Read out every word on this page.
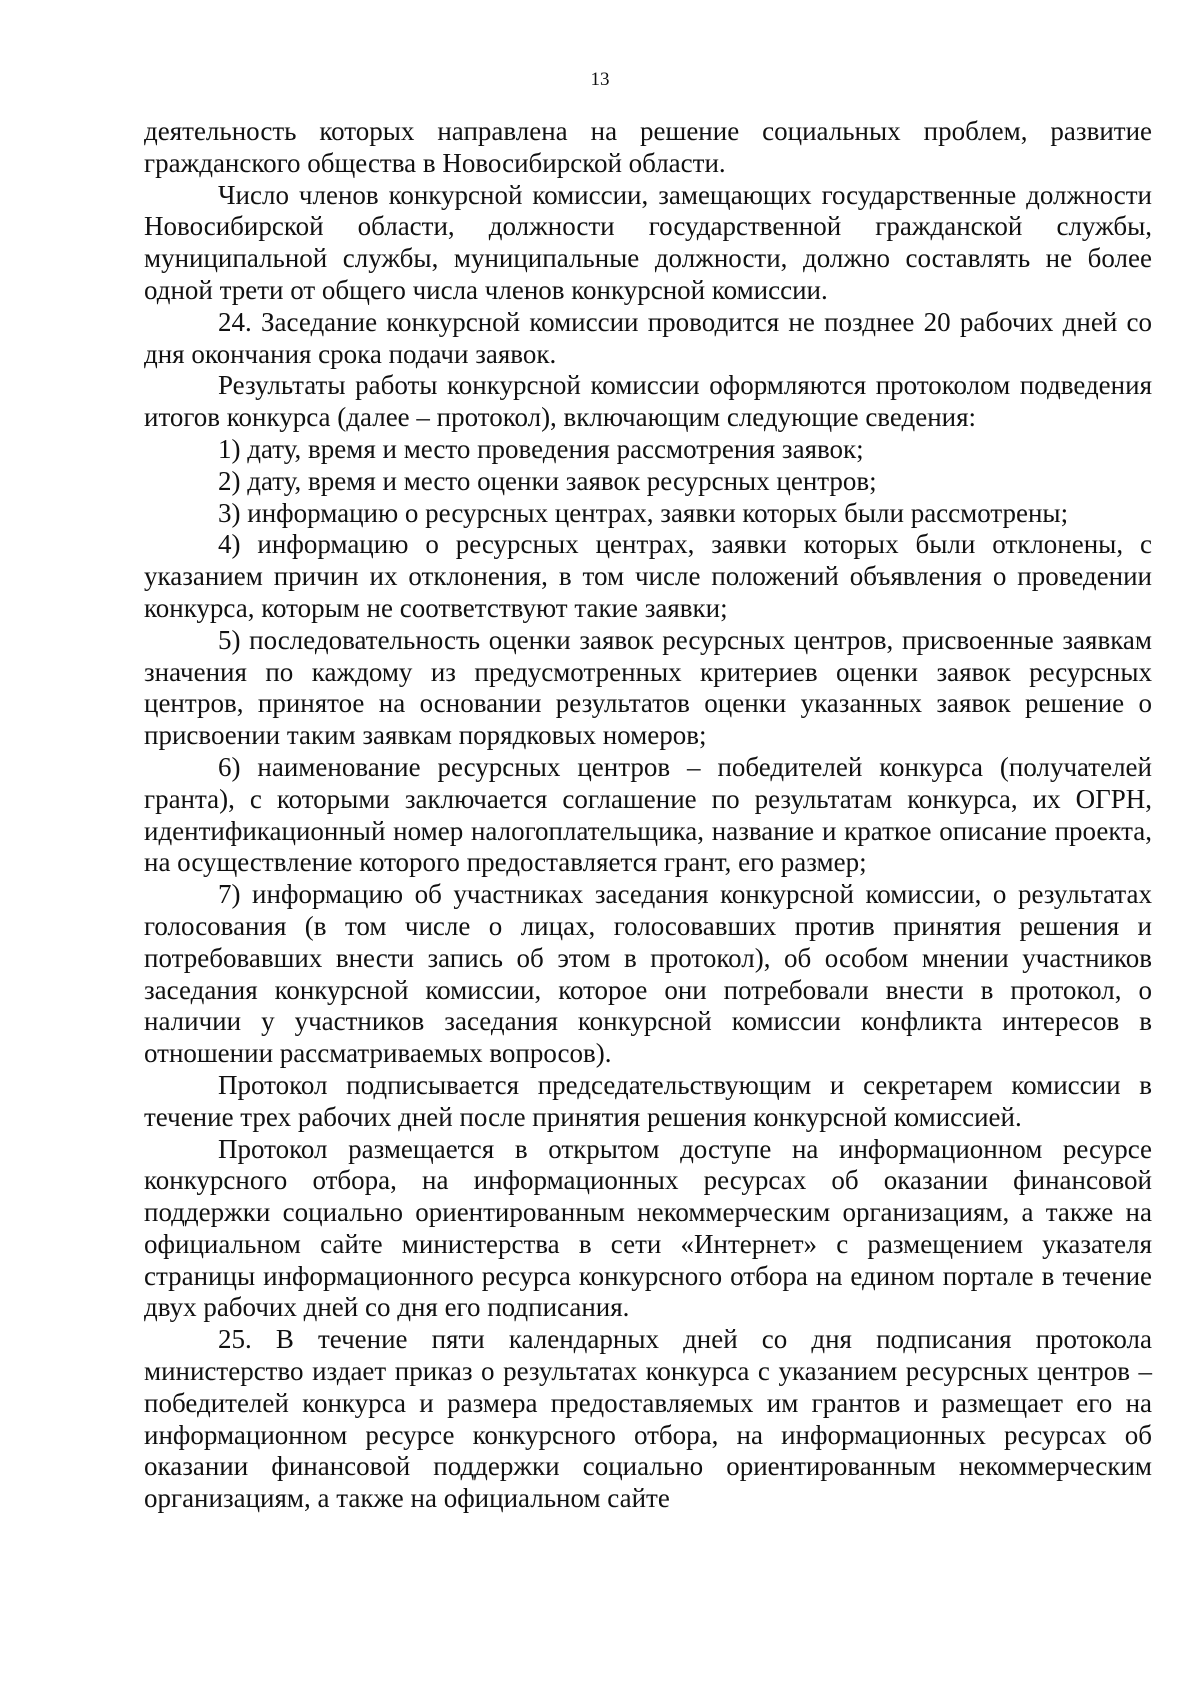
13

деятельность которых направлена на решение социальных проблем, развитие гражданского общества в Новосибирской области.

Число членов конкурсной комиссии, замещающих государственные должности Новосибирской области, должности государственной гражданской службы, муниципальной службы, муниципальные должности, должно составлять не более одной трети от общего числа членов конкурсной комиссии.

24. Заседание конкурсной комиссии проводится не позднее 20 рабочих дней со дня окончания срока подачи заявок.

Результаты работы конкурсной комиссии оформляются протоколом подведения итогов конкурса (далее – протокол), включающим следующие сведения:

1) дату, время и место проведения рассмотрения заявок;

2) дату, время и место оценки заявок ресурсных центров;

3) информацию о ресурсных центрах, заявки которых были рассмотрены;

4) информацию о ресурсных центрах, заявки которых были отклонены, с указанием причин их отклонения, в том числе положений объявления о проведении конкурса, которым не соответствуют такие заявки;

5) последовательность оценки заявок ресурсных центров, присвоенные заявкам значения по каждому из предусмотренных критериев оценки заявок ресурсных центров, принятое на основании результатов оценки указанных заявок решение о присвоении таким заявкам порядковых номеров;

6) наименование ресурсных центров – победителей конкурса (получателей гранта), с которыми заключается соглашение по результатам конкурса, их ОГРН, идентификационный номер налогоплательщика, название и краткое описание проекта, на осуществление которого предоставляется грант, его размер;

7) информацию об участниках заседания конкурсной комиссии, о результатах голосования (в том числе о лицах, голосовавших против принятия решения и потребовавших внести запись об этом в протокол), об особом мнении участников заседания конкурсной комиссии, которое они потребовали внести в протокол, о наличии у участников заседания конкурсной комиссии конфликта интересов в отношении рассматриваемых вопросов).

Протокол подписывается председательствующим и секретарем комиссии в течение трех рабочих дней после принятия решения конкурсной комиссией.

Протокол размещается в открытом доступе на информационном ресурсе конкурсного отбора, на информационных ресурсах об оказании финансовой поддержки социально ориентированным некоммерческим организациям, а также на официальном сайте министерства в сети «Интернет» с размещением указателя страницы информационного ресурса конкурсного отбора на едином портале в течение двух рабочих дней со дня его подписания.

25. В течение пяти календарных дней со дня подписания протокола министерство издает приказ о результатах конкурса с указанием ресурсных центров – победителей конкурса и размера предоставляемых им грантов и размещает его на информационном ресурсе конкурсного отбора, на информационных ресурсах об оказании финансовой поддержки социально ориентированным некоммерческим организациям, а также на официальном сайте
